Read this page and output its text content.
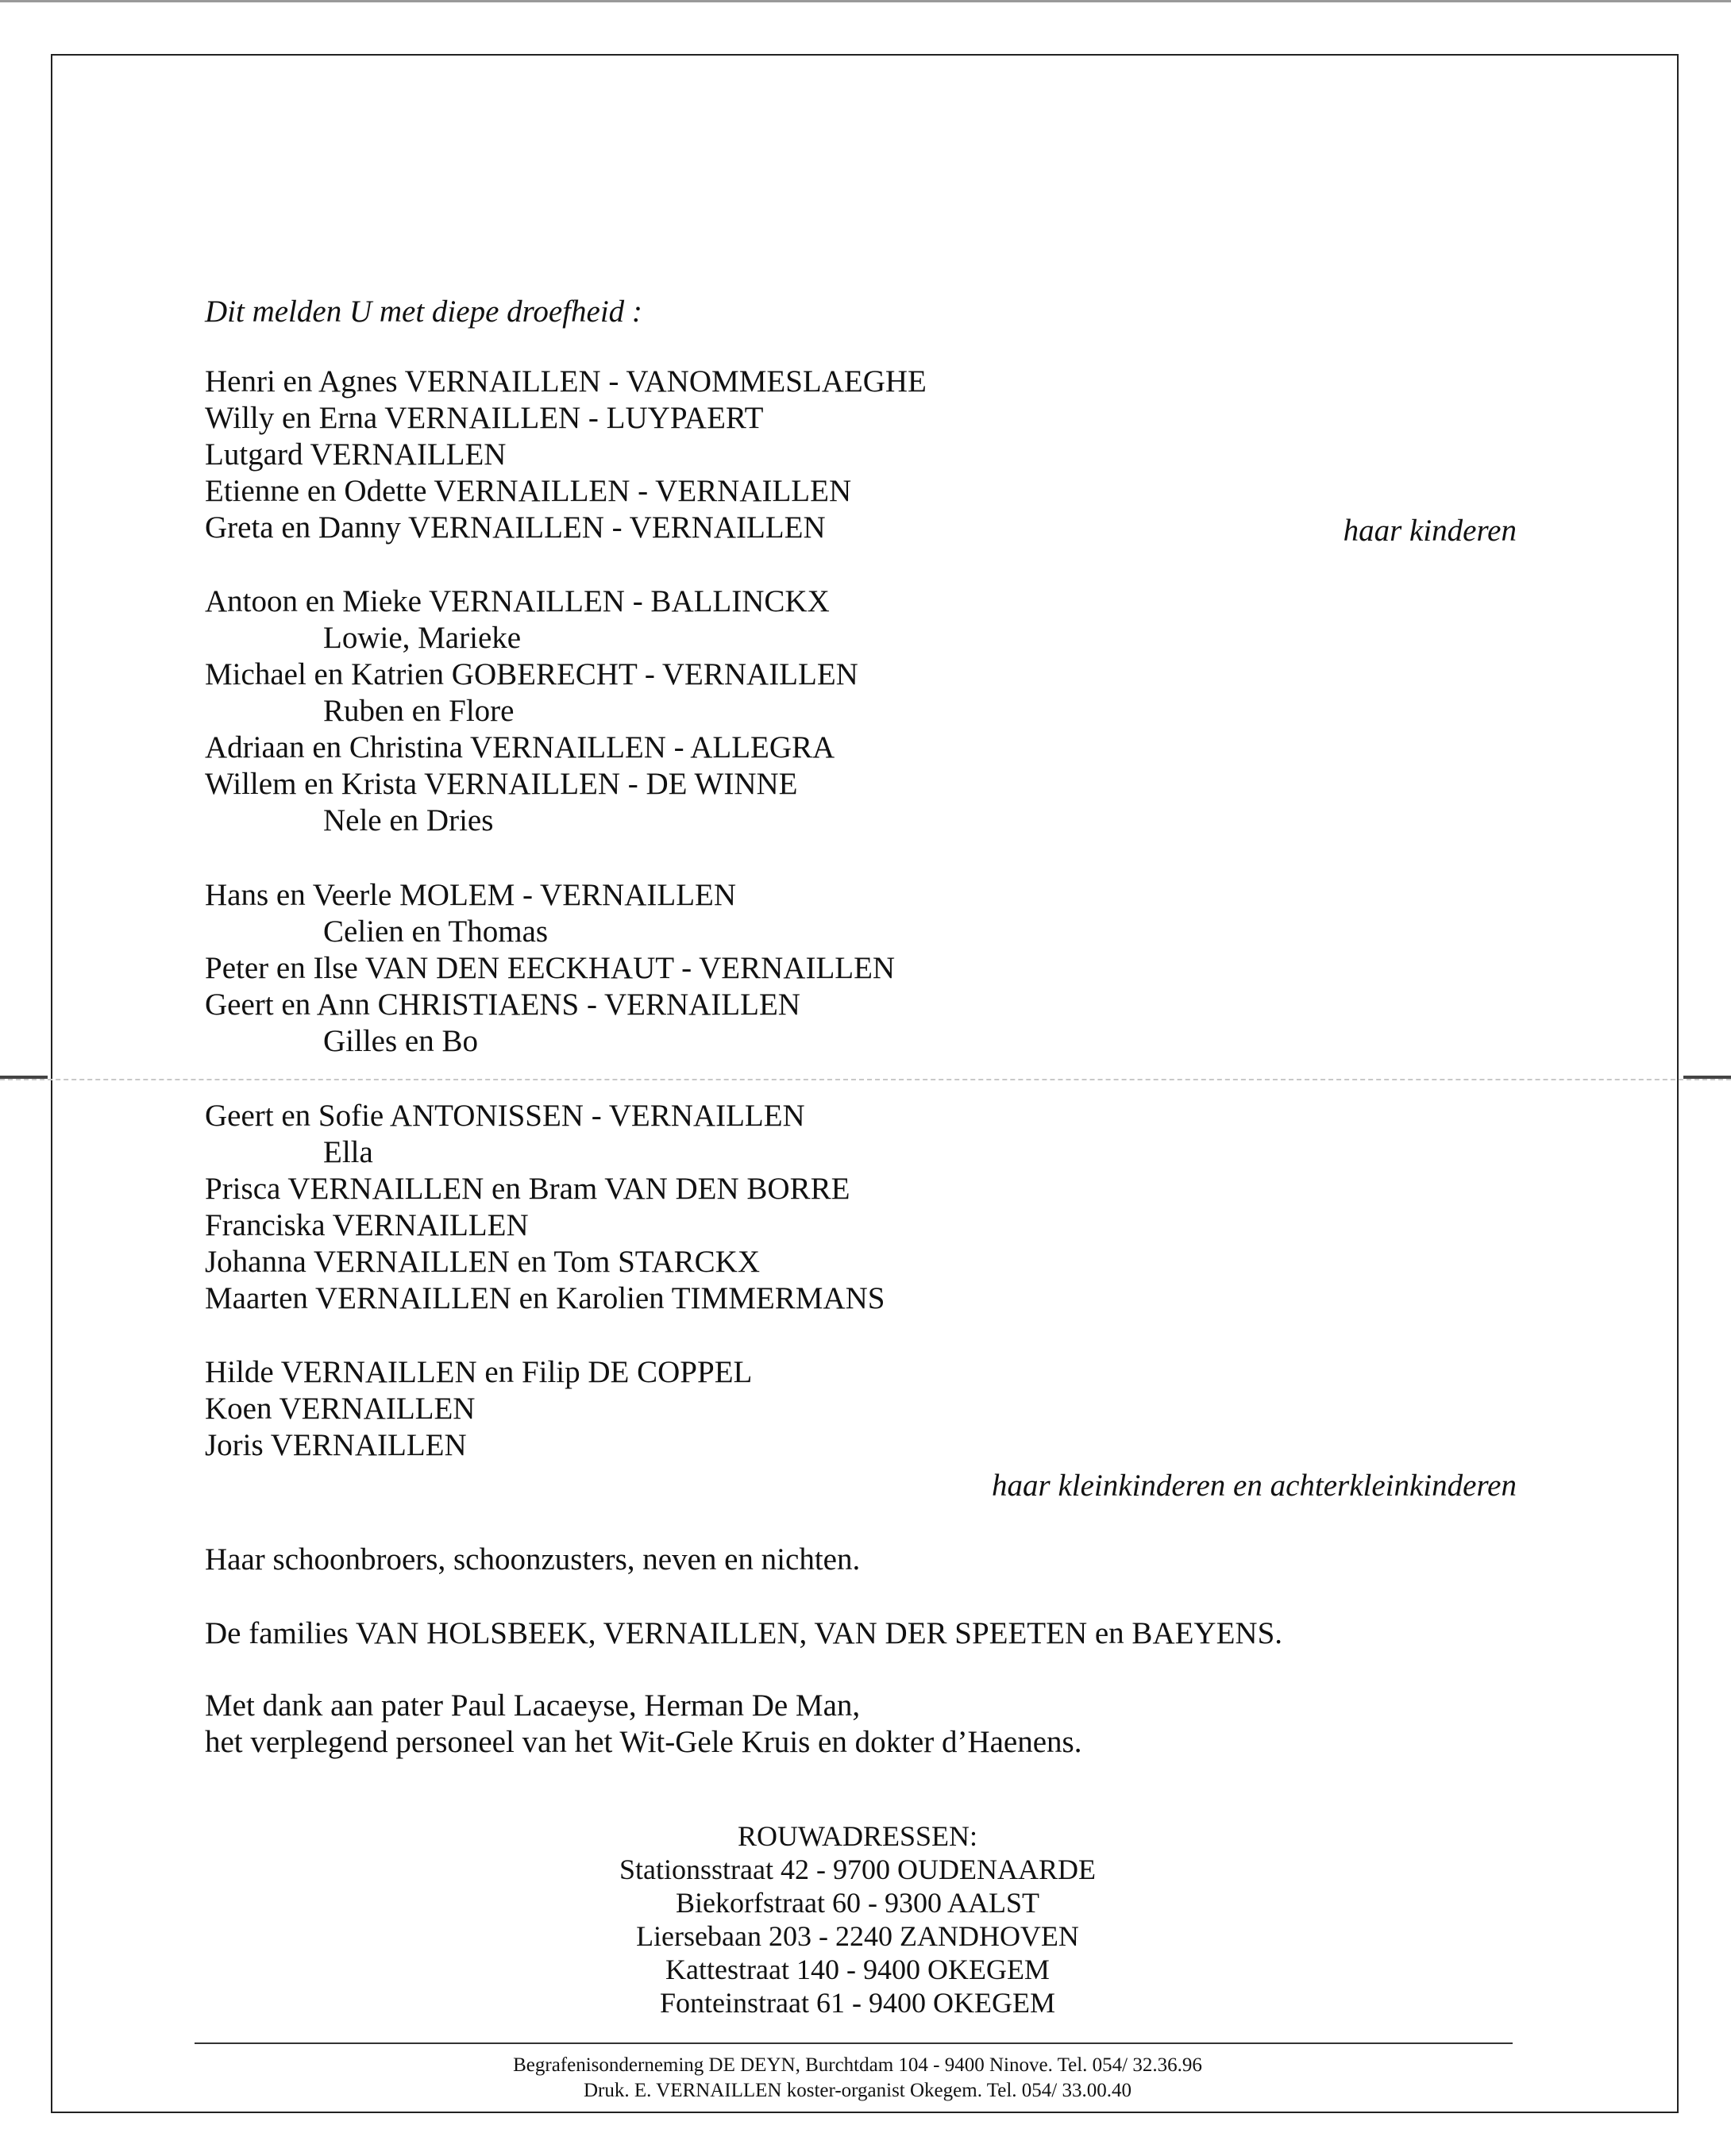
Dit melden U met diepe droefheid :
Henri en Agnes VERNAILLEN - VANOMMESLAEGHE
Willy en Erna VERNAILLEN - LUYPAERT
Lutgard VERNAILLEN
Etienne en Odette VERNAILLEN - VERNAILLEN
Greta en Danny VERNAILLEN - VERNAILLEN	haar kinderen
Antoon en Mieke VERNAILLEN - BALLINCKX
Lowie, Marieke
Michael en Katrien GOBERECHT - VERNAILLEN
Ruben en Flore
Adriaan en Christina VERNAILLEN - ALLEGRA
Willem en Krista VERNAILLEN - DE WINNE
Nele en Dries
Hans en Veerle MOLEM - VERNAILLEN
Celien en Thomas
Peter en Ilse VAN DEN EECKHAUT - VERNAILLEN
Geert en Ann CHRISTIAENS - VERNAILLEN
Gilles en Bo
Geert en Sofie ANTONISSEN - VERNAILLEN
Ella
Prisca VERNAILLEN en Bram VAN DEN BORRE
Franciska VERNAILLEN
Johanna VERNAILLEN en Tom STARCKX
Maarten VERNAILLEN en Karolien TIMMERMANS
Hilde VERNAILLEN en Filip DE COPPEL
Koen VERNAILLEN
Joris VERNAILLEN
haar kleinkinderen en achterkleinkinderen
Haar schoonbroers, schoonzusters, neven en nichten.
De families VAN HOLSBEEK, VERNAILLEN, VAN DER SPEETEN en BAEYENS.
Met dank aan pater Paul Lacaeyse, Herman De Man,
het verplegend personeel van het Wit-Gele Kruis en dokter d’Haenens.
ROUWADRESSEN:
Stationsstraat 42 - 9700 OUDENAARDE
Biekorfstraat 60 - 9300 AALST
Liersebaan 203 - 2240 ZANDHOVEN
Kattestraat 140 - 9400 OKEGEM
Fonteinstraat 61 - 9400 OKEGEM
Begrafenisonderneming DE DEYN, Burchtdam 104 - 9400 Ninove. Tel. 054/ 32.36.96
Druk. E. VERNAILLEN koster-organist Okegem. Tel. 054/ 33.00.40
